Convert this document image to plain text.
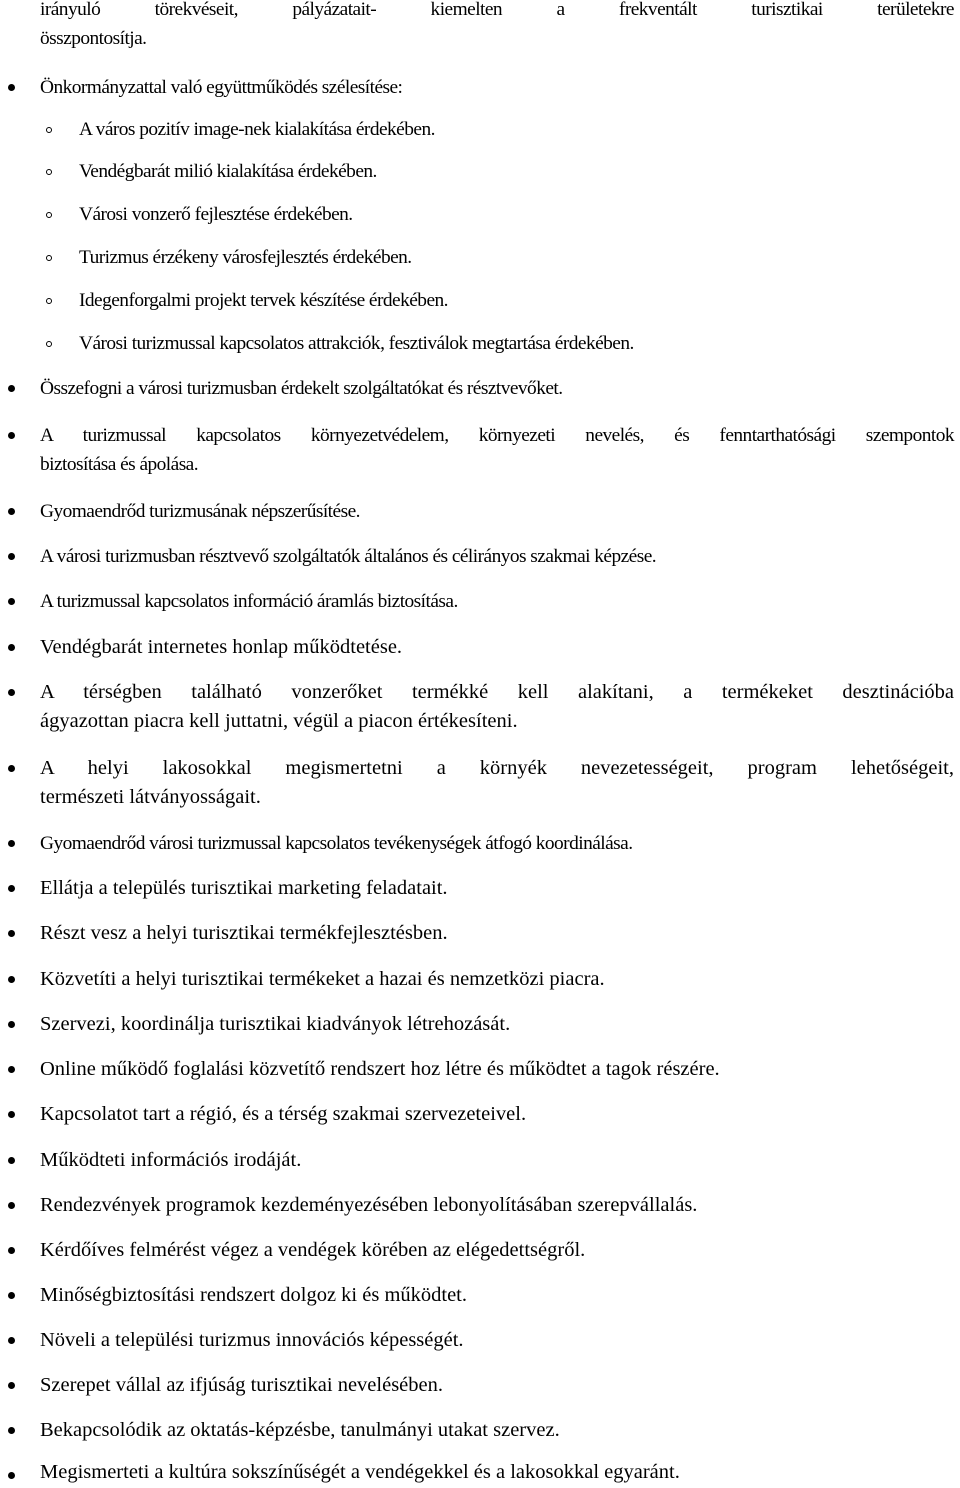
irányuló törekvéseit, pályázatait- kiemelten a frekventált turisztikai területekre
összpontosítja.
Önkormányzattal való együttműködés szélesítése:
A város pozitív image-nek kialakítása érdekében.
Vendégbarát milió kialakítása érdekében.
Városi vonzerő fejlesztése érdekében.
Turizmus érzékeny városfejlesztés érdekében.
Idegenforgalmi projekt tervek készítése érdekében.
Városi turizmussal kapcsolatos attrakciók, fesztiválok megtartása érdekében.
Összefogni a városi turizmusban érdekelt szolgáltatókat és résztvevőket.
A turizmussal kapcsolatos környezetvédelem, környezeti nevelés, és fenntarthatósági szempontok
biztosítása és ápolása.
Gyomaendrőd turizmusának népszerűsítése.
A városi turizmusban résztvevő szolgáltatók általános és célirányos szakmai képzése.
A turizmussal kapcsolatos információ áramlás biztosítása.
Vendégbarát internetes honlap működtetése.
A térségben található vonzerőket termékké kell alakítani, a termékeket desztinációba
ágyazottan piacra kell juttatni, végül a piacon értékesíteni.
A helyi lakosokkal megismertetni a környék nevezetességeit, program lehetőségeit,
természeti látványosságait.
Gyomaendrőd városi turizmussal kapcsolatos tevékenységek átfogó koordinálása.
Ellátja a település turisztikai marketing feladatait.
Részt vesz a helyi turisztikai termékfejlesztésben.
Közvetíti a helyi turisztikai termékeket a hazai és nemzetközi piacra.
Szervezi, koordinálja turisztikai kiadványok létrehozását.
Online működő foglalási közvetítő rendszert hoz létre és működtet a tagok részére.
Kapcsolatot tart a régió, és a térség szakmai szervezeteivel.
Működteti információs irodáját.
Rendezvények programok kezdeményezésében lebonyolításában szerepvállalás.
Kérdőíves felmérést végez a vendégek körében az elégedettségről.
Minőségbiztosítási rendszert dolgoz ki és működtet.
Növeli a települési turizmus innovációs képességét.
Szerepet vállal az ifjúság turisztikai nevelésében.
Bekapcsolódik az oktatás-képzésbe, tanulmányi utakat szervez.
Megismerteti a kultúra sokszínűségét a vendégekkel és a lakosokkal egyaránt.
